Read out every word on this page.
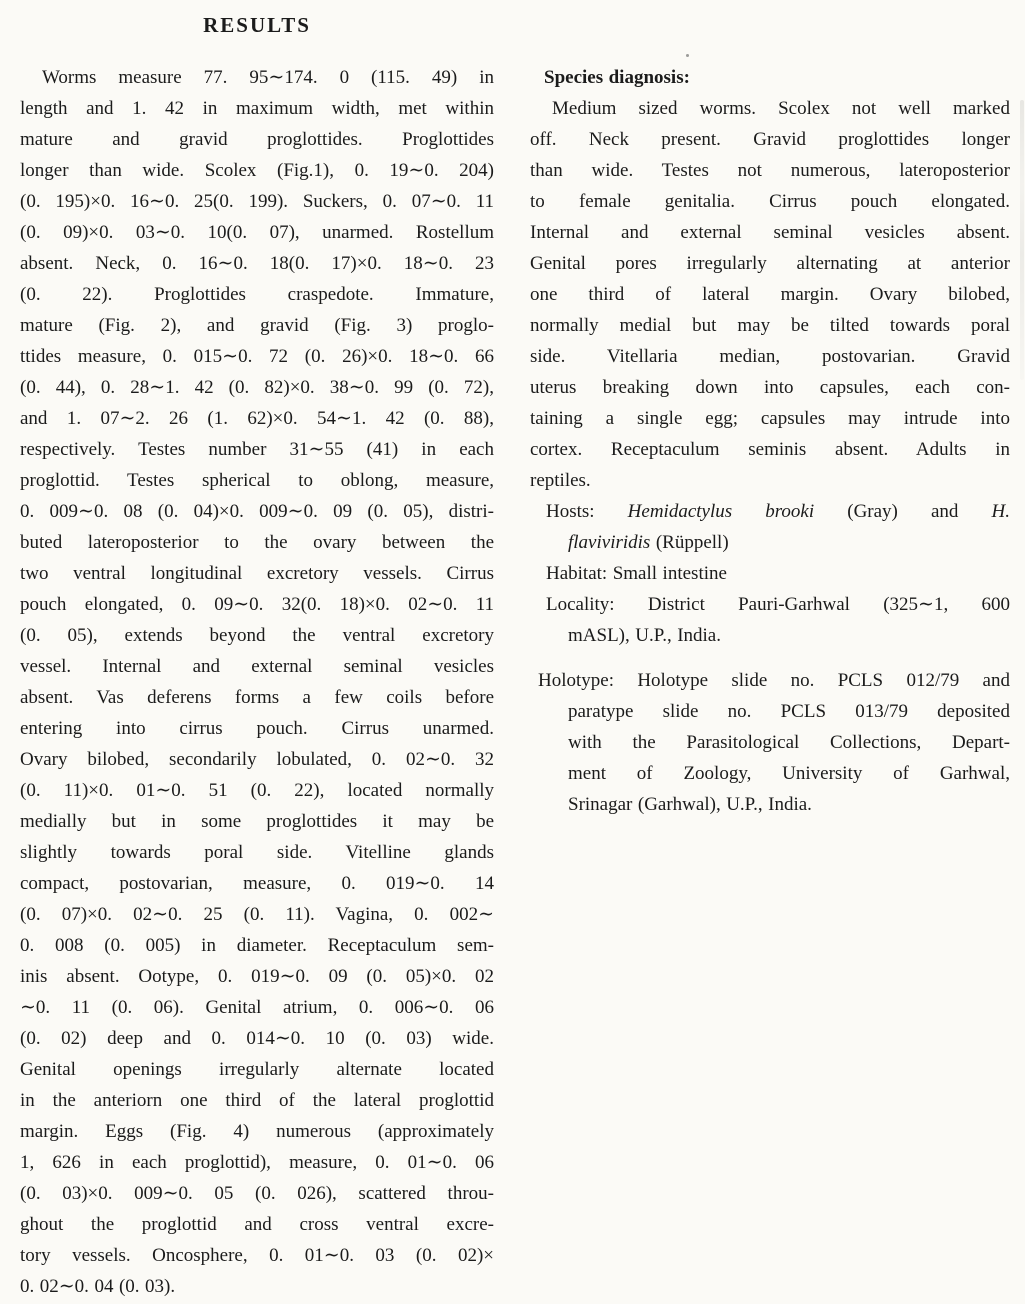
RESULTS
Worms measure 77. 95∼174. 0 (115. 49) in
length and 1. 42 in maximum width, met within
mature and gravid proglottides. Proglottides
longer than wide. Scolex (Fig.1), 0. 19∼0. 204)
(0. 195)×0. 16∼0. 25(0. 199). Suckers, 0. 07∼0. 11
(0. 09)×0. 03∼0. 10(0. 07), unarmed. Rostellum
absent. Neck, 0. 16∼0. 18(0. 17)×0. 18∼0. 23
(0. 22). Proglottides craspedote. Immature,
mature (Fig. 2), and gravid (Fig. 3) proglo-
ttides measure, 0. 015∼0. 72 (0. 26)×0. 18∼0. 66
(0. 44), 0. 28∼1. 42 (0. 82)×0. 38∼0. 99 (0. 72),
and 1. 07∼2. 26 (1. 62)×0. 54∼1. 42 (0. 88),
respectively. Testes number 31∼55 (41) in each
proglottid. Testes spherical to oblong, measure,
0. 009∼0. 08 (0. 04)×0. 009∼0. 09 (0. 05), distri-
buted lateroposterior to the ovary between the
two ventral longitudinal excretory vessels. Cirrus
pouch elongated, 0. 09∼0. 32(0. 18)×0. 02∼0. 11
(0. 05), extends beyond the ventral excretory
vessel. Internal and external seminal vesicles
absent. Vas deferens forms a few coils before
entering into cirrus pouch. Cirrus unarmed.
Ovary bilobed, secondarily lobulated, 0. 02∼0. 32
(0. 11)×0. 01∼0. 51 (0. 22), located normally
medially but in some proglottides it may be
slightly towards poral side. Vitelline glands
compact, postovarian, measure, 0. 019∼0. 14
(0. 07)×0. 02∼0. 25 (0. 11). Vagina, 0. 002∼
0. 008 (0. 005) in diameter. Receptaculum sem-
inis absent. Ootype, 0. 019∼0. 09 (0. 05)×0. 02
∼0. 11 (0. 06). Genital atrium, 0. 006∼0. 06
(0. 02) deep and 0. 014∼0. 10 (0. 03) wide.
Genital openings irregularly alternate located
in the anteriorn one third of the lateral proglottid
margin. Eggs (Fig. 4) numerous (approximately
1, 626 in each proglottid), measure, 0. 01∼0. 06
(0. 03)×0. 009∼0. 05 (0. 026), scattered throu-
ghout the proglottid and cross ventral excre-
tory vessels. Oncosphere, 0. 01∼0. 03 (0. 02)×
0. 02∼0. 04 (0. 03).
Species diagnosis:
Medium sized worms. Scolex not well marked
off. Neck present. Gravid proglottides longer
than wide. Testes not numerous, lateroposterior
to female genitalia. Cirrus pouch elongated.
Internal and external seminal vesicles absent.
Genital pores irregularly alternating at anterior
one third of lateral margin. Ovary bilobed,
normally medial but may be tilted towards poral
side. Vitellaria median, postovarian. Gravid
uterus breaking down into capsules, each con-
taining a single egg; capsules may intrude into
cortex. Receptaculum seminis absent. Adults in
reptiles.
Hosts: Hemidactylus brooki (Gray) and H.
flaviviridis (Rüppell)
Habitat: Small intestine
Locality: District Pauri-Garhwal (325∼1, 600
mASL), U.P., India.
Holotype: Holotype slide no. PCLS 012/79 and
paratype slide no. PCLS 013/79 deposited
with the Parasitological Collections, Depart-
ment of Zoology, University of Garhwal,
Srinagar (Garhwal), U.P., India.
